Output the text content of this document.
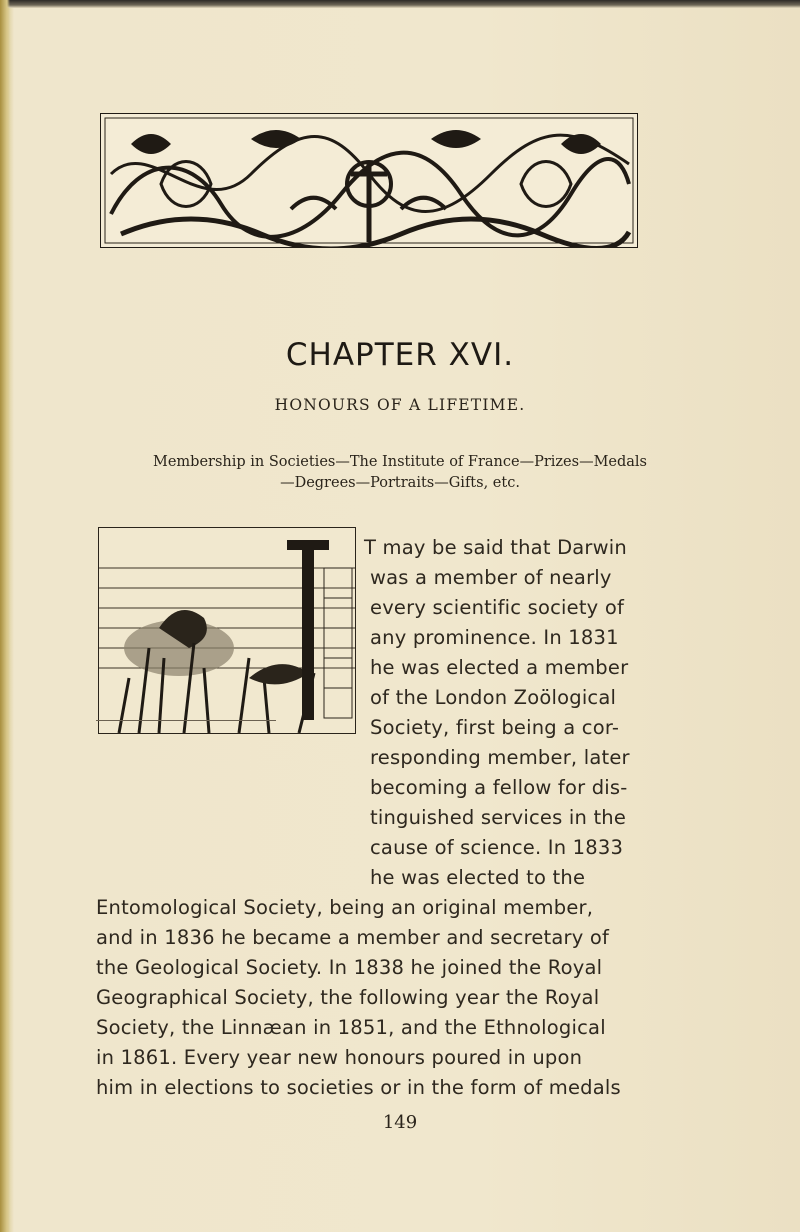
CHAPTER XVI.
HONOURS OF A LIFETIME.
Membership in Societies—The Institute of France—Prizes—Medals
—Degrees—Portraits—Gifts, etc.
T may be said that Darwin
was a member of nearly
every scientific society of
any prominence. In 1831
he was elected a member
of the London Zoölogical
Society, first being a cor-
responding member, later
becoming a fellow for dis-
tinguished services in the
cause of science. In 1833
he was elected to the
Entomological Society, being an original member,
and in 1836 he became a member and secretary of
the Geological Society. In 1838 he joined the Royal
Geographical Society, the following year the Royal
Society, the Linnæan in 1851, and the Ethnological
in 1861. Every year new honours poured in upon
him in elections to societies or in the form of medals
149
